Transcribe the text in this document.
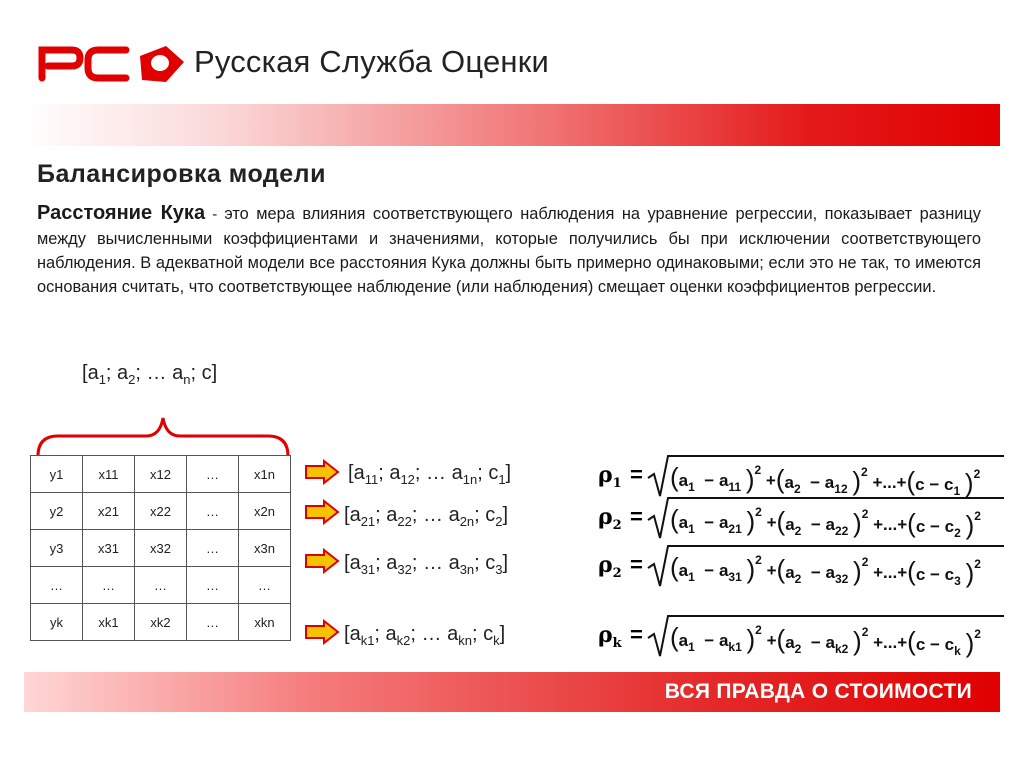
Русская Служба Оценки
Балансировка модели
Расстояние Кука - это мера влияния соответствующего наблюдения на уравнение регрессии, показывает разницу между вычисленными коэффициентами и значениями, которые получились бы при исключении соответствующего наблюдения. В адекватной модели все расстояния Кука должны быть примерно одинаковыми; если это не так, то имеются основания считать, что соответствующее наблюдение (или наблюдения) смещает оценки коэффициентов регрессии.
[$a_1$; $a_2$; … $a_n$; c]
y1	x11	x12	…	x1n
y2	x21	x22	…	x2n
y3	x31	x32	…	x3n
…	…	…	…	…
yk	xk1	xk2	…	xkn
[$a_{11}$; $a_{12}$; … $a_{1n}$; $c_1$]
[$a_{21}$; $a_{22}$; … $a_{2n}$; $c_2$]
[$a_{31}$; $a_{32}$; … $a_{3n}$; $c_3$]
[$a_{k1}$; $a_{k2}$; … $a_{kn}$; $c_k$]
$\rho_1 = (a_1 - a_{11}$ )$^2 +(a_2 - a_{12}$ )$^2 +...+(c - c_1$ )$^2$
$\rho_2 = (a_1 - a_{21}$ )$^2 +(a_2 - a_{22}$ )$^2 +...+(c - c_2$ )$^2$
$\rho_2 = (a_1 - a_{31}$ )$^2 +(a_2 - a_{32}$ )$^2 +...+(c - c_3$ )$^2$
$\rho_k = (a_1 - a_{k1}$ )$^2 +(a_2 - a_{k2}$ )$^2 +...+(c - c_k$ )$^2$
ВСЯ ПРАВДА О СТОИМОСТИ
